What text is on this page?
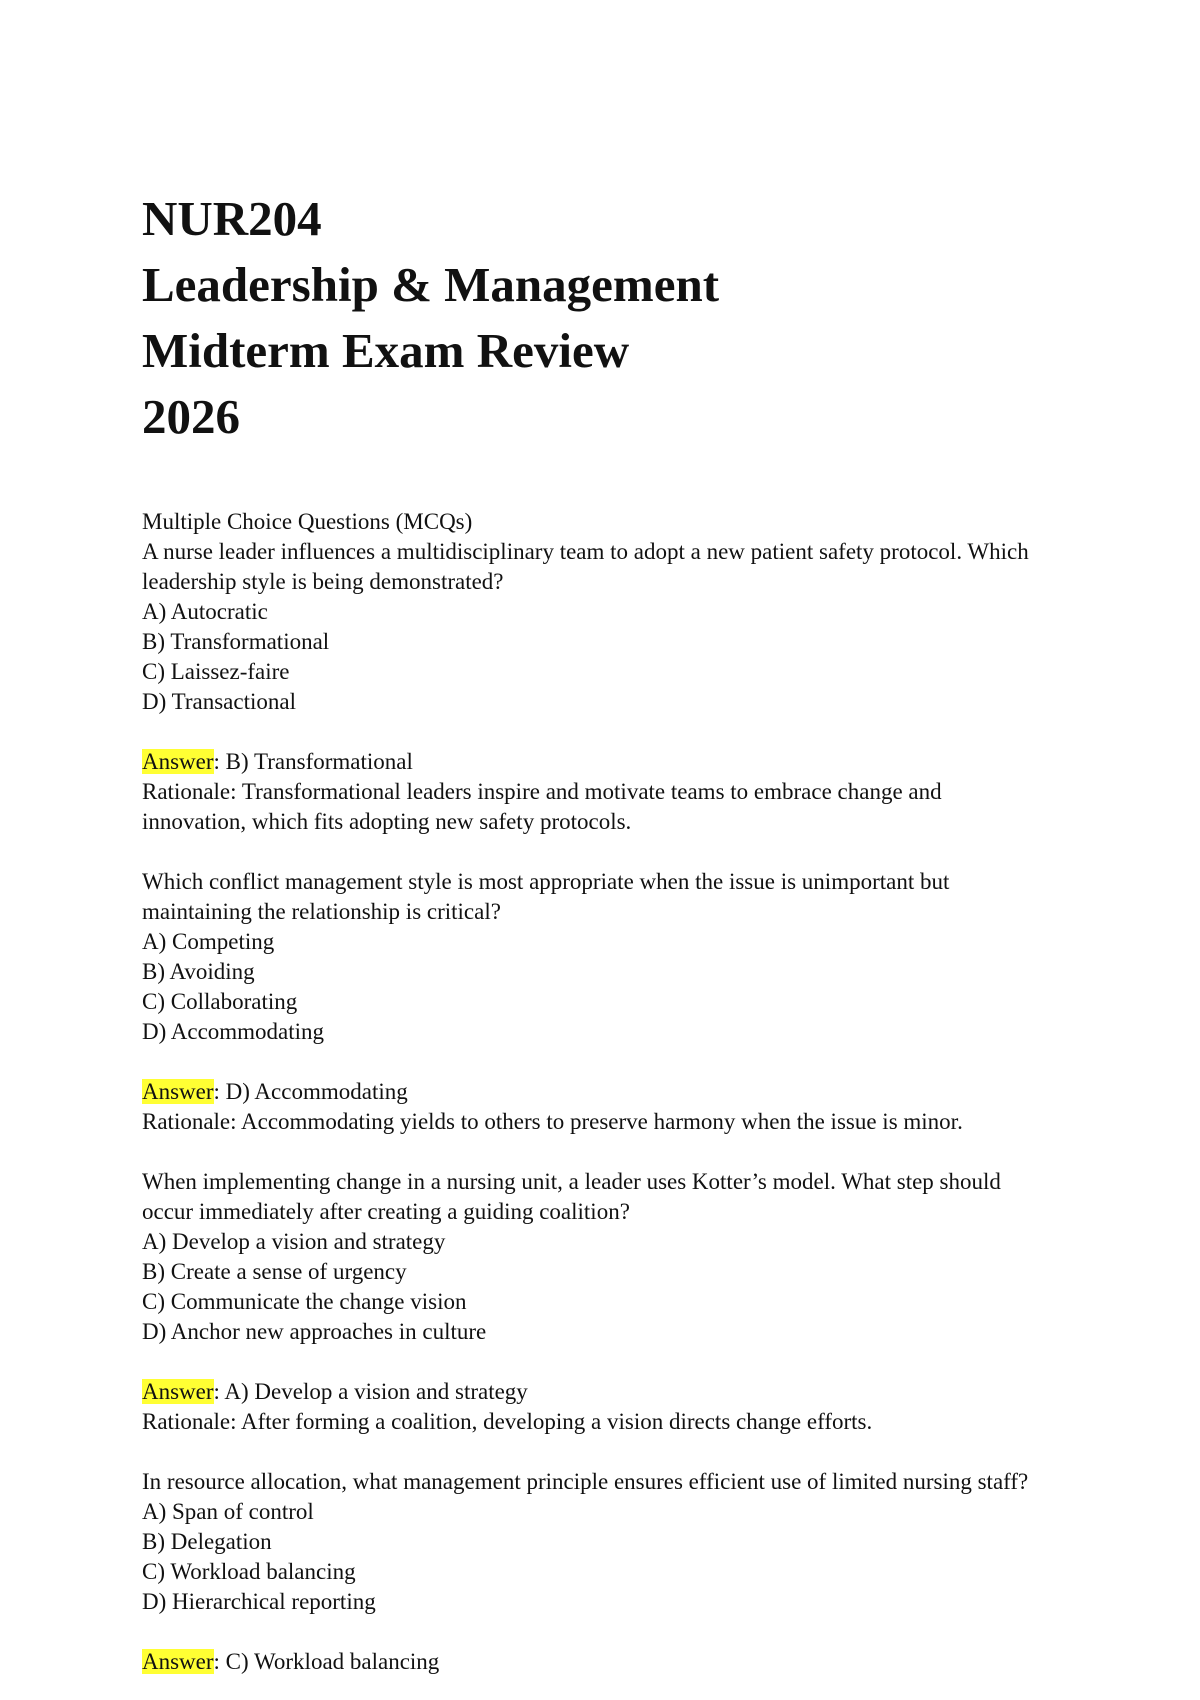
NUR204
Leadership & Management
Midterm Exam Review
2026
Multiple Choice Questions (MCQs)
A nurse leader influences a multidisciplinary team to adopt a new patient safety protocol. Which
leadership style is being demonstrated?
A) Autocratic
B) Transformational
C) Laissez-faire
D) Transactional
Answer: B) Transformational
Rationale: Transformational leaders inspire and motivate teams to embrace change and
innovation, which fits adopting new safety protocols.
Which conflict management style is most appropriate when the issue is unimportant but
maintaining the relationship is critical?
A) Competing
B) Avoiding
C) Collaborating
D) Accommodating
Answer: D) Accommodating
Rationale: Accommodating yields to others to preserve harmony when the issue is minor.
When implementing change in a nursing unit, a leader uses Kotter’s model. What step should
occur immediately after creating a guiding coalition?
A) Develop a vision and strategy
B) Create a sense of urgency
C) Communicate the change vision
D) Anchor new approaches in culture
Answer: A) Develop a vision and strategy
Rationale: After forming a coalition, developing a vision directs change efforts.
In resource allocation, what management principle ensures efficient use of limited nursing staff?
A) Span of control
B) Delegation
C) Workload balancing
D) Hierarchical reporting
Answer: C) Workload balancing
